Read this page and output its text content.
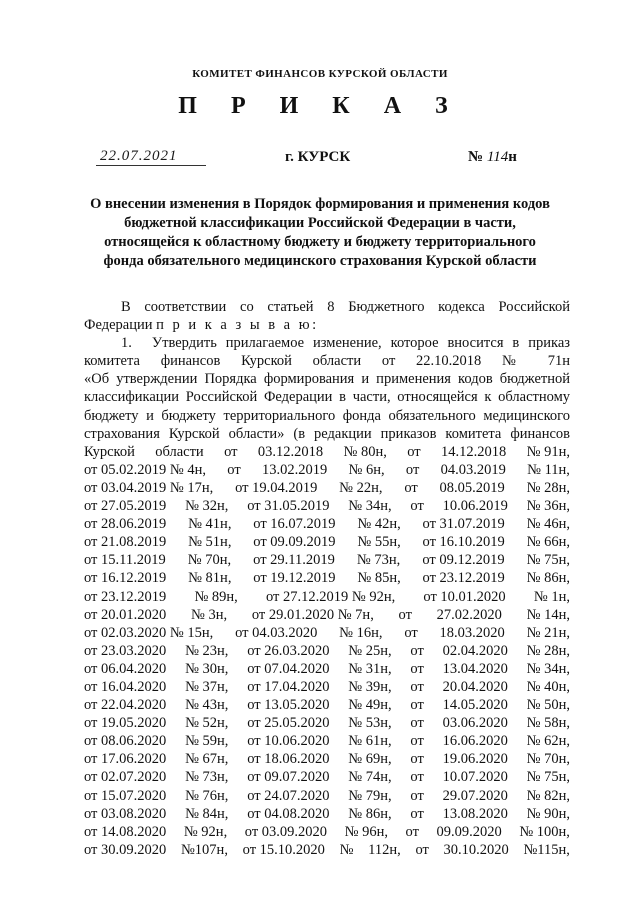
КОМИТЕТ ФИНАНСОВ КУРСКОЙ ОБЛАСТИ
П Р И К А З
22.07.2021	г. КУРСК	№ 114н
О внесении изменения в Порядок формирования и применения кодов
бюджетной классификации Российской Федерации в части,
относящейся к областному бюджету и бюджету территориального
фонда обязательного медицинского страхования Курской области

В соответствии со статьей 8 Бюджетного кодекса Российской Федерации п р и к а з ы в а ю:

1.	Утвердить прилагаемое изменение, которое вносится в приказ
комитета финансов Курской области от 22.10.2018 № 71н
«Об утверждении Порядка формирования и применения кодов бюджетной
классификации Российской Федерации в части, относящейся к областному
бюджету и бюджету территориального фонда обязательного медицинского
страхования Курской области» (в редакции приказов комитета финансов
Курской области от 03.12.2018 № 80н, от 14.12.2018 № 91н,
от 05.02.2019 № 4н, от 13.02.2019 № 6н, от 04.03.2019 № 11н,
от 03.04.2019 № 17н, от 19.04.2019 № 22н, от 08.05.2019 № 28н,
от 27.05.2019 № 32н, от 31.05.2019 № 34н, от 10.06.2019 № 36н,
от 28.06.2019 № 41н, от 16.07.2019 № 42н, от 31.07.2019 № 46н,
от 21.08.2019 № 51н, от 09.09.2019 № 55н, от 16.10.2019 № 66н,
от 15.11.2019 № 70н, от 29.11.2019 № 73н, от 09.12.2019 № 75н,
от 16.12.2019 № 81н, от 19.12.2019 № 85н, от 23.12.2019 № 86н,
от 23.12.2019 № 89н, от 27.12.2019 № 92н, от 10.01.2020 № 1н,
от 20.01.2020 № 3н, от 29.01.2020 № 7н, от 27.02.2020 № 14н,
от 02.03.2020 № 15н, от 04.03.2020 № 16н, от 18.03.2020 № 21н,
от 23.03.2020 № 23н, от 26.03.2020 № 25н, от 02.04.2020 № 28н,
от 06.04.2020 № 30н, от 07.04.2020 № 31н, от 13.04.2020 № 34н,
от 16.04.2020 № 37н, от 17.04.2020 № 39н, от 20.04.2020 № 40н,
от 22.04.2020 № 43н, от 13.05.2020 № 49н, от 14.05.2020 № 50н,
от 19.05.2020 № 52н, от 25.05.2020 № 53н, от 03.06.2020 № 58н,
от 08.06.2020 № 59н, от 10.06.2020 № 61н, от 16.06.2020 № 62н,
от 17.06.2020 № 67н, от 18.06.2020 № 69н, от 19.06.2020 № 70н,
от 02.07.2020 № 73н, от 09.07.2020 № 74н, от 10.07.2020 № 75н,
от 15.07.2020 № 76н, от 24.07.2020 № 79н, от 29.07.2020 № 82н,
от 03.08.2020 № 84н, от 04.08.2020 № 86н, от 13.08.2020 № 90н,
от 14.08.2020 № 92н, от 03.09.2020 № 96н, от 09.09.2020 № 100н,
от 30.09.2020 №107н, от 15.10.2020 № 112н, от 30.10.2020 №115н,
